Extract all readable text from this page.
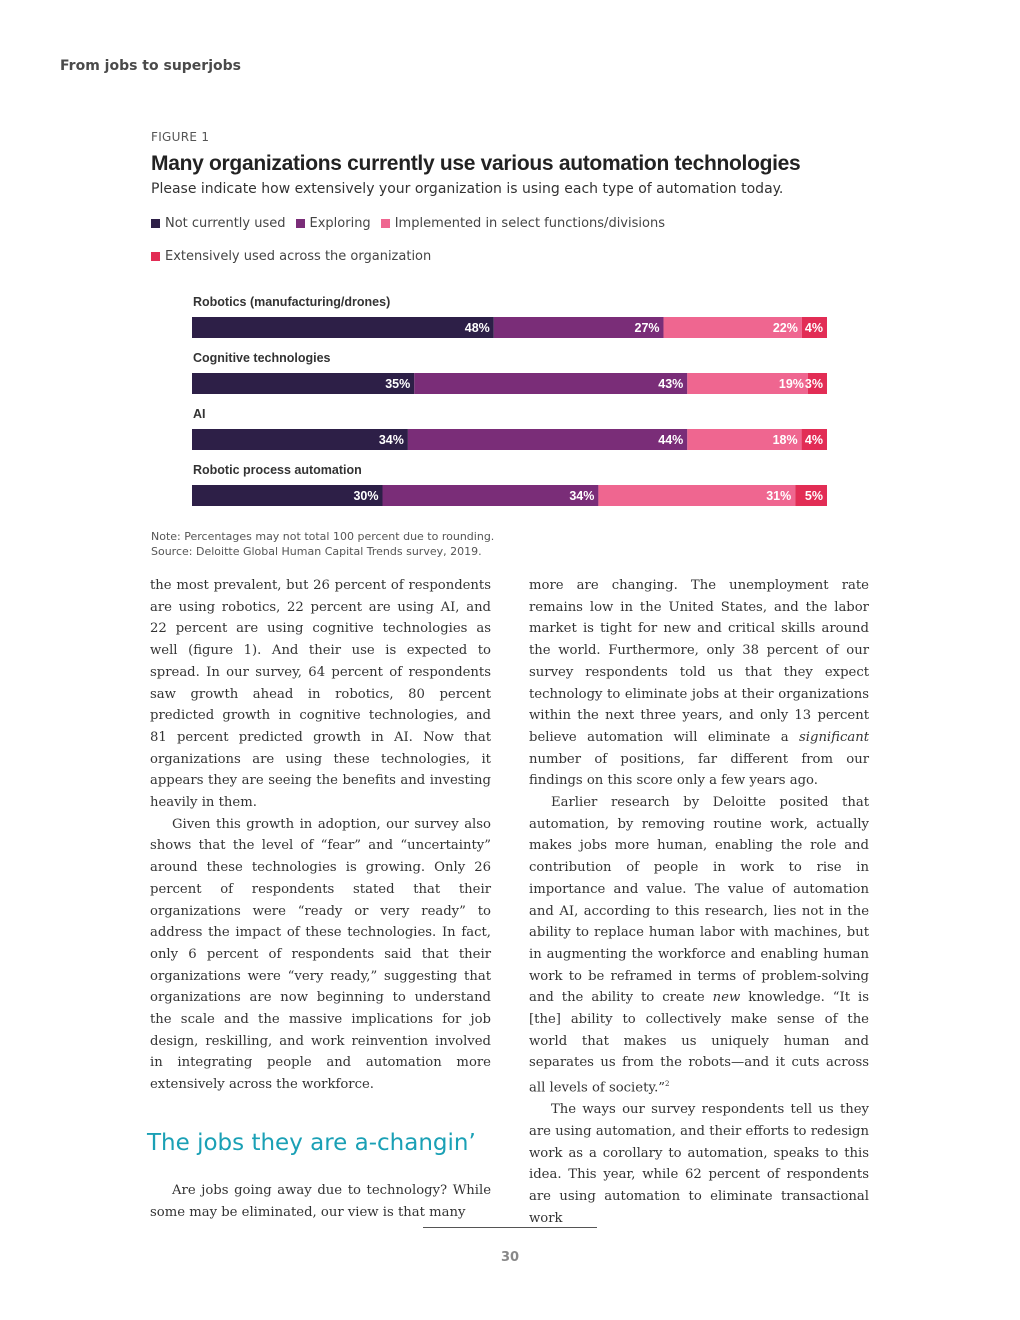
From jobs to superjobs
FIGURE 1
Many organizations currently use various automation technologies
Please indicate how extensively your organization is using each type of automation today.
Not currently used Exploring Implemented in select functions/divisions
Extensively used across the organization
Robotics (manufacturing/drones)
48%	27%	22% 4%
Cognitive technologies
35%	43%	19% 3%
AI
34%	44%	18% 4%
Robotic process automation
30%	34%	31% 5%
Note: Percentages may not total 100 percent due to rounding.
Source: Deloitte Global Human Capital Trends survey, 2019.

the most prevalent, but 26 percent of respondents are using robotics, 22 percent are using AI, and 22 percent are using cognitive technologies as well (figure 1). And their use is expected to spread. In our survey, 64 percent of respondents saw growth ahead in robotics, 80 percent predicted growth in cognitive technologies, and 81 percent predicted growth in AI. Now that organizations are using these technologies, it appears they are seeing the benefits and investing heavily in them.

Given this growth in adoption, our survey also shows that the level of “fear” and “uncertainty” around these technologies is growing. Only 26 percent of respondents stated that their organizations were “ready or very ready” to address the impact of these technologies. In fact, only 6 percent of respondents said that their organizations were “very ready,” suggesting that organizations are now beginning to understand the scale and the massive implications for job design, reskilling, and work reinvention involved in integrating people and automation more extensively across the workforce.

The jobs they are a-changin’

Are jobs going away due to technology? While some may be eliminated, our view is that many

more are changing. The unemployment rate remains low in the United States, and the labor market is tight for new and critical skills around the world. Furthermore, only 38 percent of our survey respondents told us that they expect technology to eliminate jobs at their organizations within the next three years, and only 13 percent believe automation will eliminate a significant number of positions, far different from our findings on this score only a few years ago.

Earlier research by Deloitte posited that automation, by removing routine work, actually makes jobs more human, enabling the role and contribution of people in work to rise in importance and value. The value of automation and AI, according to this research, lies not in the ability to replace human labor with machines, but in augmenting the workforce and enabling human work to be reframed in terms of problem-solving and the ability to create new knowledge. “It is [the] ability to collectively make sense of the world that makes us uniquely human and separates us from the robots—and it cuts across all levels of society.”$^2$

The ways our survey respondents tell us they are using automation, and their efforts to redesign work as a corollary to automation, speaks to this idea. This year, while 62 percent of respondents are using automation to eliminate transactional work

30
